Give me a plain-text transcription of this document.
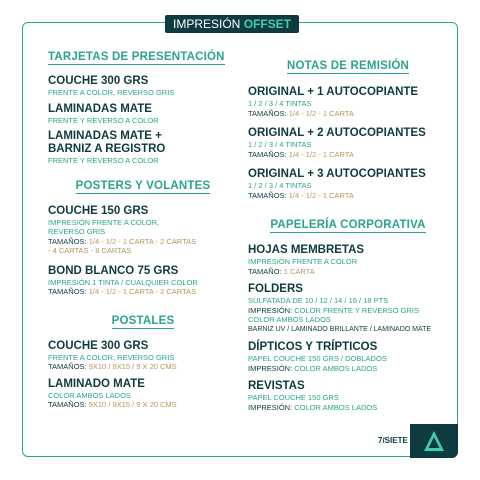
IMPRESIÓN OFFSET
TARJETAS DE PRESENTACIÓN
COUCHE 300 GRS
FRENTE A COLOR, REVERSO GRIS
LAMINADAS MATE
FRENTE Y REVERSO A COLOR
LAMINADAS MATE +
BARNIZ A REGISTRO
FRENTE Y REVERSO A COLOR
POSTERS Y VOLANTES
COUCHE 150 GRS
IMPRESIÓN FRENTE A COLOR,
REVERSO GRIS
TAMAÑOS: 1/4 - 1/2 - 1 CARTA - 2 CARTAS
- 4 CARTAS - 8 CARTAS
BOND BLANCO 75 GRS
IMPRESIÓN 1 TINTA / CUALQUIER COLOR
TAMAÑOS: 1/4 - 1/2 - 1 CARTA - 2 CARTAS
POSTALES
COUCHE 300 GRS
FRENTE A COLOR, REVERSO GRIS
TAMAÑOS: 9X10 / 9X15 / 9 X 20 CMS
LAMINADO MATE
COLOR AMBOS LADOS
TAMAÑOS: 9X10 / 9X15 / 9 X 20 CMS
NOTAS DE REMISIÓN
ORIGINAL + 1 AUTOCOPIANTE
1 / 2 / 3 / 4 TINTAS
TAMAÑOS: 1/4 - 1/2 - 1 CARTA
ORIGINAL + 2 AUTOCOPIANTES
1 / 2 / 3 / 4 TINTAS
TAMAÑOS: 1/4 - 1/2 - 1 CARTA
ORIGINAL + 3 AUTOCOPIANTES
1 / 2 / 3 / 4 TINTAS
TAMAÑOS: 1/4 - 1/2 - 1 CARTA
PAPELERÍA CORPORATIVA
HOJAS MEMBRETAS
IMPRESIÓN FRENTE A COLOR
TAMAÑO: 1 CARTA
FOLDERS
SULFATADA DE 10 / 12 / 14 / 16 / 18 PTS
IMPRESIÓN: COLOR FRENTE Y REVERSO GRIS
COLOR AMBOS LADOS
BARNIZ UV / LAMINADO BRILLANTE / LAMINADO MATE
DÍPTICOS Y TRÍPTICOS
PAPEL COUCHE 150 GRS / DOBLADOS
IMPRESIÓN: COLOR AMBOS LADOS
REVISTAS
PAPEL COUCHE 150 GRS
IMPRESIÓN: COLOR AMBOS LADOS
7/SIETE
